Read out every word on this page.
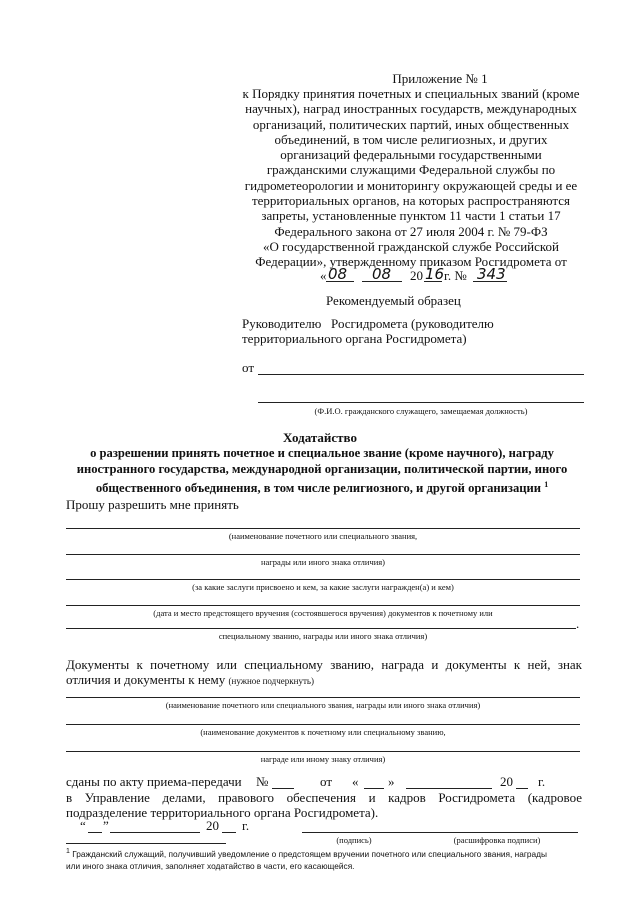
Приложение № 1
к Порядку принятия почетных и специальных званий (кроме
научных), наград иностранных государств, международных
организаций, политических партий, иных общественных
объединений, в том числе религиозных, и других
организаций федеральными государственными
гражданскими служащими Федеральной службы по
гидрометеорологии и мониторингу окружающей среды и ее
территориальных органов, на которых распространяются
запреты, установленные пунктом 11 части 1 статьи 17
Федерального закона от 27 июля 2004 г. № 79-ФЗ
«О государственной гражданской службе Российской
Федерации», утвержденному приказом Росгидромета от
« 08 08 20 16 г. № 343
Рекомендуемый образец
Руководителю   Росгидромета (руководителю
территориального органа Росгидромета)
от
(Ф.И.О. гражданского служащего, замещаемая должность)
Ходатайство
о разрешении принять почетное и специальное звание (кроме научного), награду
иностранного государства, международной организации, политической партии, иного
общественного объединения, в том числе религиозного, и другой организации $^1$
Прошу разрешить мне принять
(наименование почетного или специального звания,
награды или иного знака отличия)
(за какие заслуги присвоено и кем, за какие заслуги награжден(а) и кем)
(дата и место предстоящего вручения (состоявшегося вручения) документов к почетному или
.
специальному званию, награды или иного знака отличия)
Документы к почетному или специальному званию, награда и документы к ней, знак
отличия и документы к нему (нужное подчеркнуть)
(наименование почетного или специального звания, награды или иного знака отличия)
(наименование документов к почетному или специальному званию,
награде или иному знаку отличия)
сданы по акту приема-передачи №	от « »	20 г.
в Управление делами, правового обеспечения и кадров Росгидромета (кадровое
подразделение территориального органа Росгидромета).
“ ”	20 г.
(подпись)	(расшифровка подписи)
$^1$ Гражданский служащий, получивший уведомление о предстоящем вручении почетного или специального звания, награды
или иного знака отличия, заполняет ходатайство в части, его касающейся.
